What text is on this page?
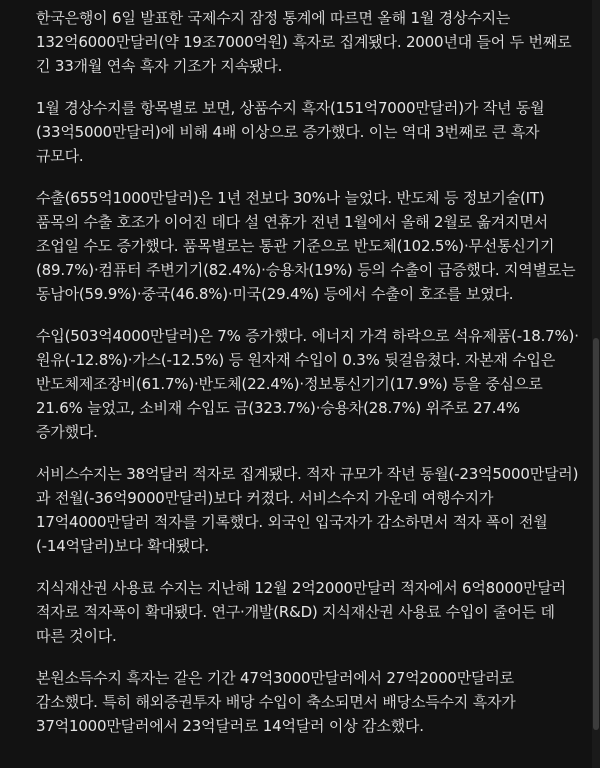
한국은행이 6일 발표한 국제수지 잠정 통계에 따르면 올해 1월 경상수지는 132억6000만달러(약 19조7000억원) 흑자로 집계됐다. 2000년대 들어 두 번째로 긴 33개월 연속 흑자 기조가 지속됐다.

1월 경상수지를 항목별로 보면, 상품수지 흑자(151억7000만달러)가 작년 동월(33억5000만달러)에 비해 4배 이상으로 증가했다. 이는 역대 3번째로 큰 흑자 규모다.

수출(655억1000만달러)은 1년 전보다 30%나 늘었다. 반도체 등 정보기술(IT) 품목의 수출 호조가 이어진 데다 설 연휴가 전년 1월에서 올해 2월로 옮겨지면서 조업일 수도 증가했다. 품목별로는 통관 기준으로 반도체(102.5%)·무선통신기기(89.7%)·컴퓨터 주변기기(82.4%)·승용차(19%) 등의 수출이 급증했다. 지역별로는 동남아(59.9%)·중국(46.8%)·미국(29.4%) 등에서 수출이 호조를 보였다.

수입(503억4000만달러)은 7% 증가했다. 에너지 가격 하락으로 석유제품(-18.7%)·원유(-12.8%)·가스(-12.5%) 등 원자재 수입이 0.3% 뒷걸음쳤다. 자본재 수입은 반도체제조장비(61.7%)·반도체(22.4%)·정보통신기기(17.9%) 등을 중심으로 21.6% 늘었고, 소비재 수입도 금(323.7%)·승용차(28.7%) 위주로 27.4% 증가했다.

서비스수지는 38억달러 적자로 집계됐다. 적자 규모가 작년 동월(-23억5000만달러)과 전월(-36억9000만달러)보다 커졌다. 서비스수지 가운데 여행수지가 17억4000만달러 적자를 기록했다. 외국인 입국자가 감소하면서 적자 폭이 전월(-14억달러)보다 확대됐다.

지식재산권 사용료 수지는 지난해 12월 2억2000만달러 적자에서 6억8000만달러 적자로 적자폭이 확대됐다. 연구·개발(R&D) 지식재산권 사용료 수입이 줄어든 데 따른 것이다.

본원소득수지 흑자는 같은 기간 47억3000만달러에서 27억2000만달러로 감소했다. 특히 해외증권투자 배당 수입이 축소되면서 배당소득수지 흑자가 37억1000만달러에서 23억달러로 14억달러 이상 감소했다.
